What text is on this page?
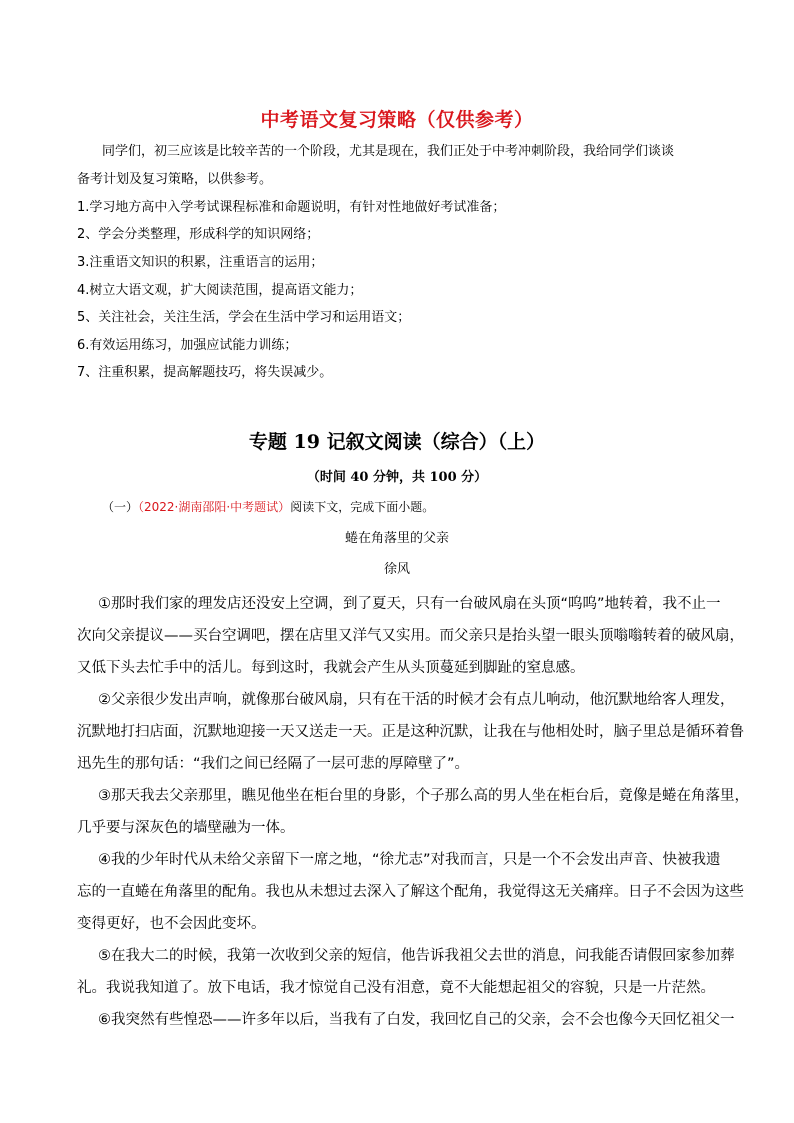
中考语文复习策略（仅供参考）
同学们，初三应该是比较辛苦的一个阶段，尤其是现在，我们正处于中考冲刺阶段，我给同学们谈谈
备考计划及复习策略，以供参考。
1.学习地方高中入学考试课程标准和命题说明，有针对性地做好考试准备；
2、学会分类整理，形成科学的知识网络；
3.注重语文知识的积累，注重语言的运用；
4.树立大语文观，扩大阅读范围，提高语文能力；
5、关注社会，关注生活，学会在生活中学习和运用语文；
6.有效运用练习，加强应试能力训练；
7、注重积累，提高解题技巧，将失误减少。
专题 19 记叙文阅读（综合）（上）
（时间 40 分钟，共 100 分）
（一）（2022·湖南邵阳·中考题试）阅读下文，完成下面小题。
蜷在角落里的父亲
徐风
①那时我们家的理发店还没安上空调，到了夏天，只有一台破风扇在头顶“呜呜”地转着，我不止一
次向父亲提议——买台空调吧，摆在店里又洋气又实用。而父亲只是抬头望一眼头顶嗡嗡转着的破风扇，
又低下头去忙手中的活儿。每到这时，我就会产生从头顶蔓延到脚趾的窒息感。
②父亲很少发出声响，就像那台破风扇，只有在干活的时候才会有点儿响动，他沉默地给客人理发，
沉默地打扫店面，沉默地迎接一天又送走一天。正是这种沉默，让我在与他相处时，脑子里总是循环着鲁
迅先生的那句话：“我们之间已经隔了一层可悲的厚障壁了”。
③那天我去父亲那里，瞧见他坐在柜台里的身影，个子那么高的男人坐在柜台后，竟像是蜷在角落里，
几乎要与深灰色的墙壁融为一体。
④我的少年时代从未给父亲留下一席之地，“徐尤志”对我而言，只是一个不会发出声音、快被我遗
忘的一直蜷在角落里的配角。我也从未想过去深入了解这个配角，我觉得这无关痛痒。日子不会因为这些
变得更好，也不会因此变坏。
⑤在我大二的时候，我第一次收到父亲的短信，他告诉我祖父去世的消息，问我能否请假回家参加葬
礼。我说我知道了。放下电话，我才惊觉自己没有泪意，竟不大能想起祖父的容貌，只是一片茫然。
⑥我突然有些惶恐——许多年以后，当我有了白发，我回忆自己的父亲，会不会也像今天回忆祖父一
